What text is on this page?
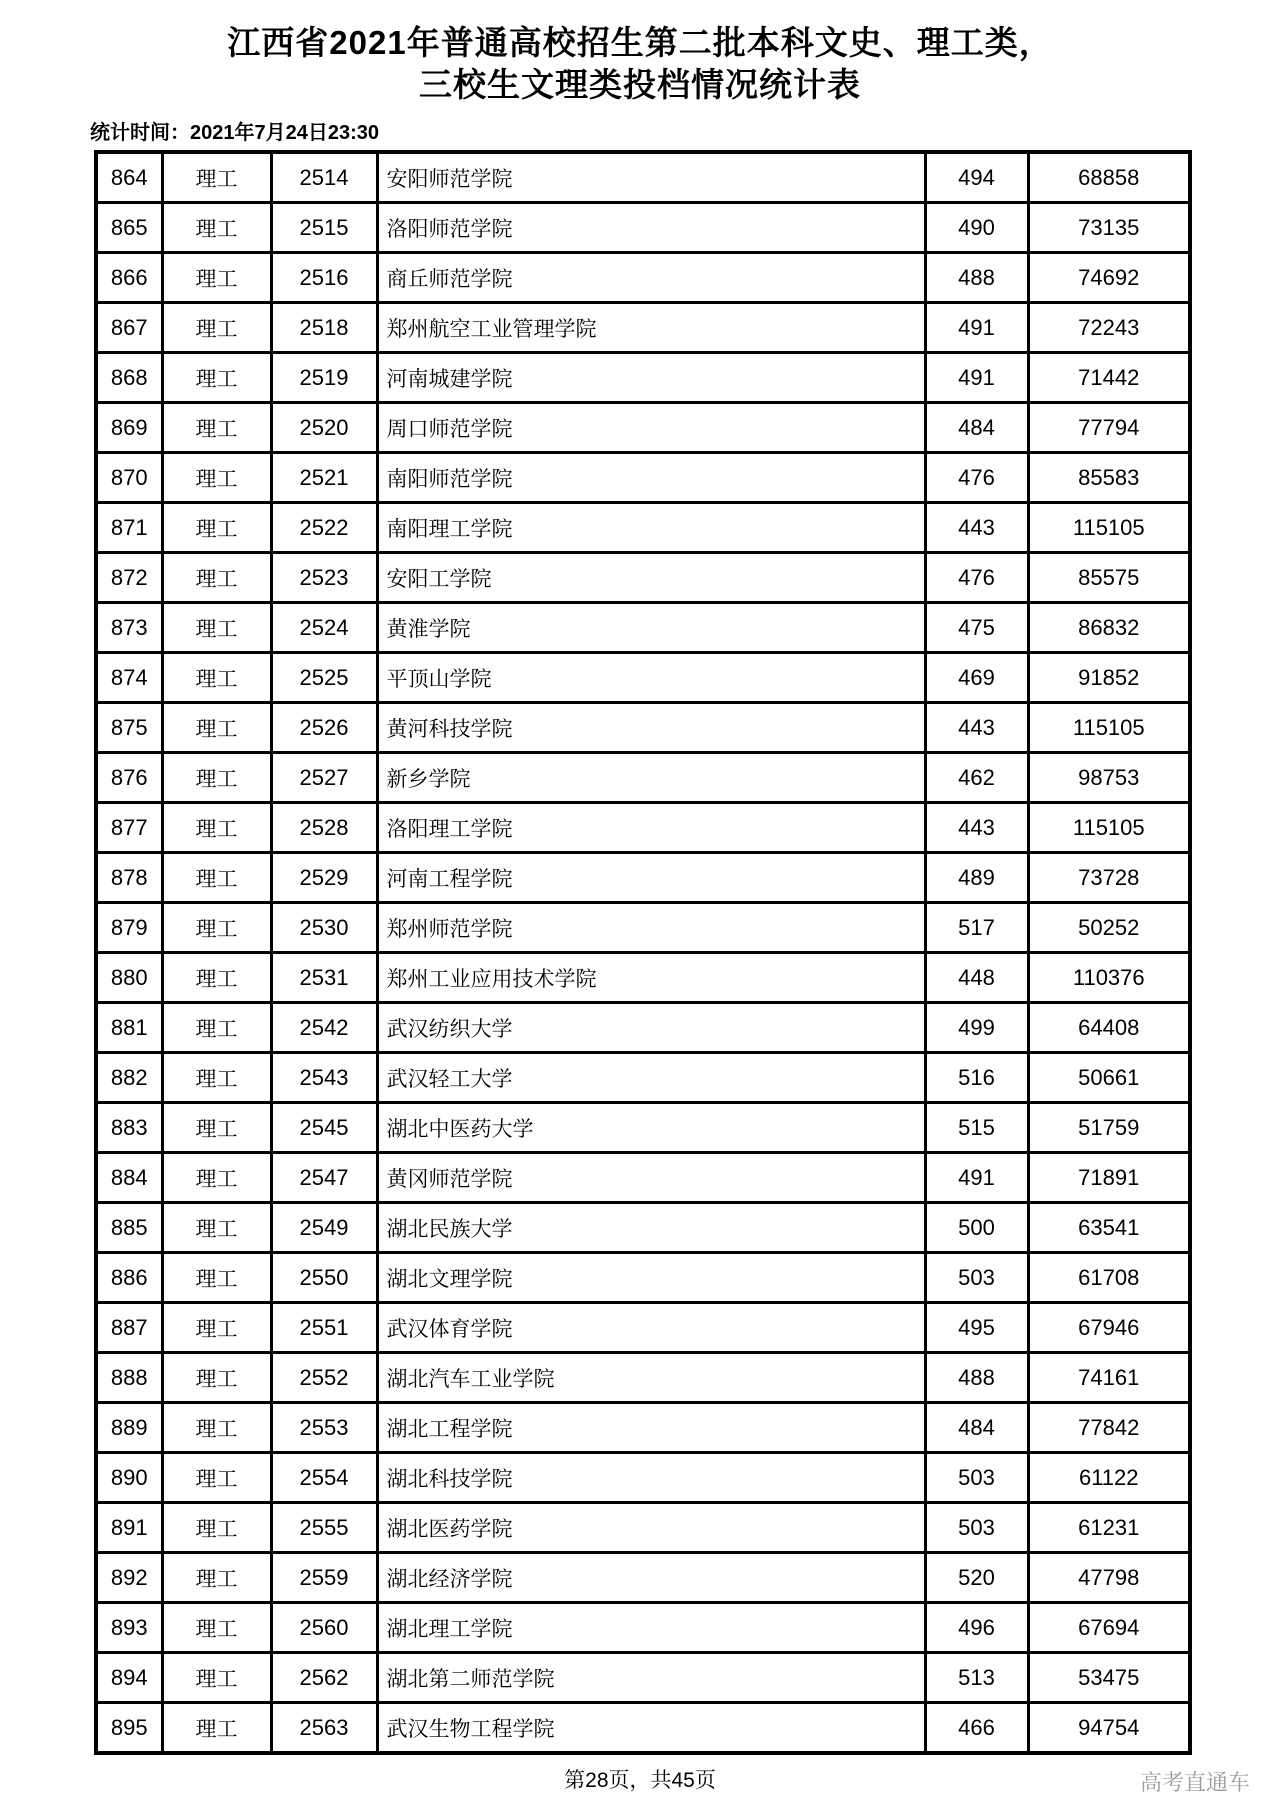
江西省2021年普通高校招生第二批本科文史、理工类，
三校生文理类投档情况统计表
统计时间：2021年7月24日23:30
864	理工	2514	安阳师范学院	494	68858
865	理工	2515	洛阳师范学院	490	73135
866	理工	2516	商丘师范学院	488	74692
867	理工	2518	郑州航空工业管理学院	491	72243
868	理工	2519	河南城建学院	491	71442
869	理工	2520	周口师范学院	484	77794
870	理工	2521	南阳师范学院	476	85583
871	理工	2522	南阳理工学院	443	115105
872	理工	2523	安阳工学院	476	85575
873	理工	2524	黄淮学院	475	86832
874	理工	2525	平顶山学院	469	91852
875	理工	2526	黄河科技学院	443	115105
876	理工	2527	新乡学院	462	98753
877	理工	2528	洛阳理工学院	443	115105
878	理工	2529	河南工程学院	489	73728
879	理工	2530	郑州师范学院	517	50252
880	理工	2531	郑州工业应用技术学院	448	110376
881	理工	2542	武汉纺织大学	499	64408
882	理工	2543	武汉轻工大学	516	50661
883	理工	2545	湖北中医药大学	515	51759
884	理工	2547	黄冈师范学院	491	71891
885	理工	2549	湖北民族大学	500	63541
886	理工	2550	湖北文理学院	503	61708
887	理工	2551	武汉体育学院	495	67946
888	理工	2552	湖北汽车工业学院	488	74161
889	理工	2553	湖北工程学院	484	77842
890	理工	2554	湖北科技学院	503	61122
891	理工	2555	湖北医药学院	503	61231
892	理工	2559	湖北经济学院	520	47798
893	理工	2560	湖北理工学院	496	67694
894	理工	2562	湖北第二师范学院	513	53475
895	理工	2563	武汉生物工程学院	466	94754
第28页，共45页	高考直通车
